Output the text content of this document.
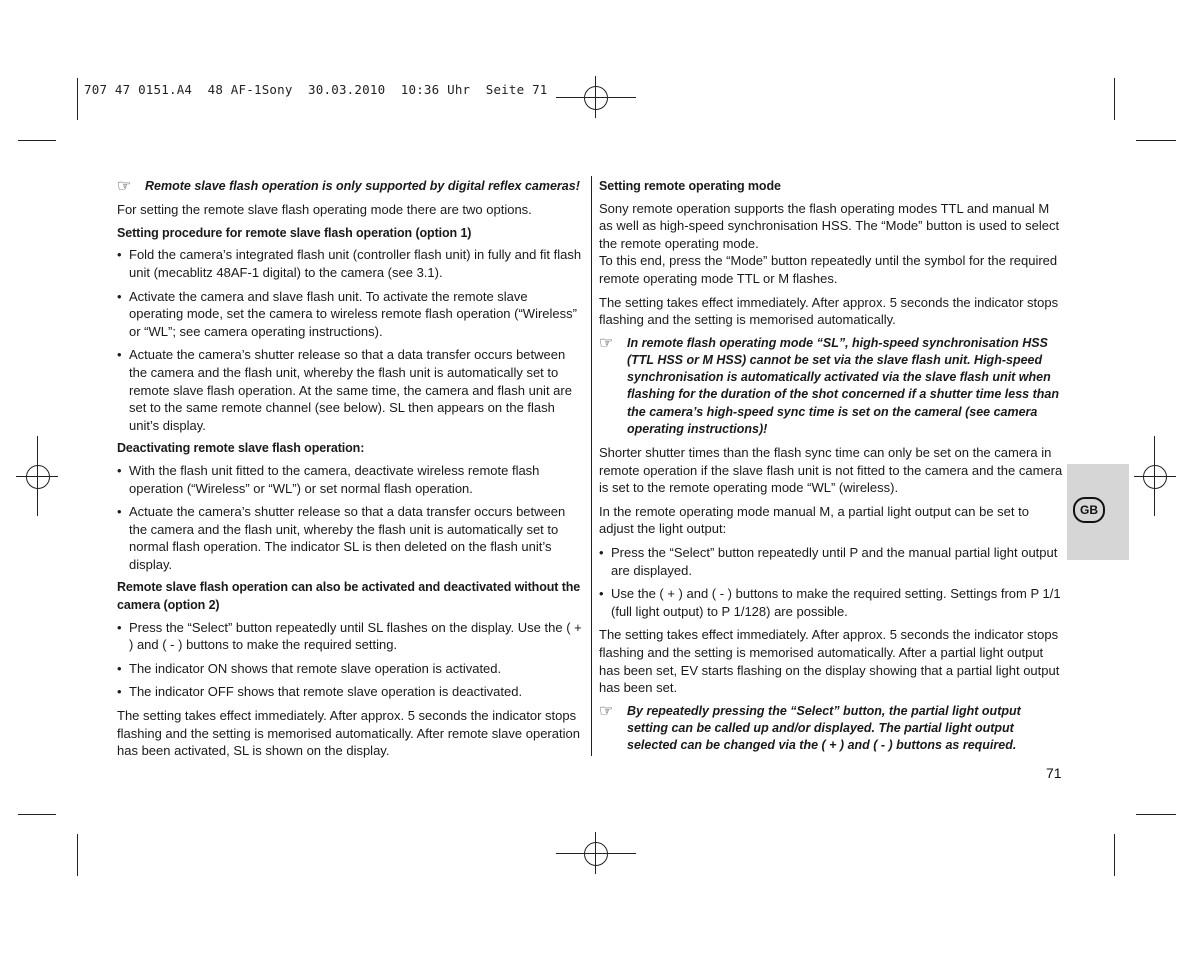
707 47 0151.A4  48 AF-1Sony  30.03.2010  10:36 Uhr  Seite 71
☞	Remote slave flash operation is only supported by digital reflex cameras!

For setting the remote slave flash operating mode there are two options.

Setting procedure for remote slave flash operation (option 1)
• Fold the camera’s integrated flash unit (controller flash unit) in fully and fit flash unit (mecablitz 48AF-1 digital) to the camera (see 3.1).
• Activate the camera and slave flash unit. To activate the remote slave operating mode, set the camera to wireless remote flash operation (“Wireless” or “WL”; see camera operating instructions).
• Actuate the camera’s shutter release so that a data transfer occurs between the camera and the flash unit, whereby the flash unit is automatically set to remote slave flash operation. At the same time, the camera and flash unit are set to the same remote channel (see below). SL then appears on the flash unit’s display.
Deactivating remote slave flash operation:
• With the flash unit fitted to the camera, deactivate wireless remote flash operation (“Wireless” or “WL”) or set normal flash operation.
• Actuate the camera’s shutter release so that a data transfer occurs between the camera and the flash unit, whereby the flash unit is automatically set to normal flash operation. The indicator SL is then deleted on the flash unit’s display.
Remote slave flash operation can also be activated and deactivated without the camera (option 2)
• Press the “Select” button repeatedly until SL flashes on the display. Use the ( + ) and ( - ) buttons to make the required setting.
• The indicator ON shows that remote slave operation is activated.
• The indicator OFF shows that remote slave operation is deactivated.

The setting takes effect immediately. After approx. 5 seconds the indicator stops flashing and the setting is memorised automatically. After remote slave operation has been activated, SL is shown on the display.

Setting remote operating mode

Sony remote operation supports the flash operating modes TTL and manual M as well as high-speed synchronisation HSS. The “Mode” button is used to select the remote operating mode.

To this end, press the “Mode” button repeatedly until the symbol for the required remote operating mode TTL or M flashes.

The setting takes effect immediately. After approx. 5 seconds the indicator stops flashing and the setting is memorised automatically.

☞	In remote flash operating mode “SL”, high-speed synchronisation HSS (TTL HSS or M HSS) cannot be set via the slave flash unit. High-speed synchronisation is automatically activated via the slave flash unit when flashing for the duration of the shot concerned if a shutter time less than the camera’s high-speed sync time is set on the cameral (see camera operating instructions)!

Shorter shutter times than the flash sync time can only be set on the camera in remote operation if the slave flash unit is not fitted to the camera and the camera is set to the remote operating mode “WL” (wireless).

In the remote operating mode manual M, a partial light output can be set to adjust the light output:

• Press the “Select” button repeatedly until P and the manual partial light output are displayed.
• Use the ( + ) and ( - ) buttons to make the required setting. Settings from P 1/1 (full light output) to P 1/128) are possible.

The setting takes effect immediately. After approx. 5 seconds the indicator stops flashing and the setting is memorised automatically. After a partial light output has been set, EV starts flashing on the display showing that a partial light output has been set.

☞	By repeatedly pressing the “Select” button, the partial light output setting can be called up and/or displayed. The partial light output selected can be changed via the ( + ) and ( - ) buttons as required.
GB
71
